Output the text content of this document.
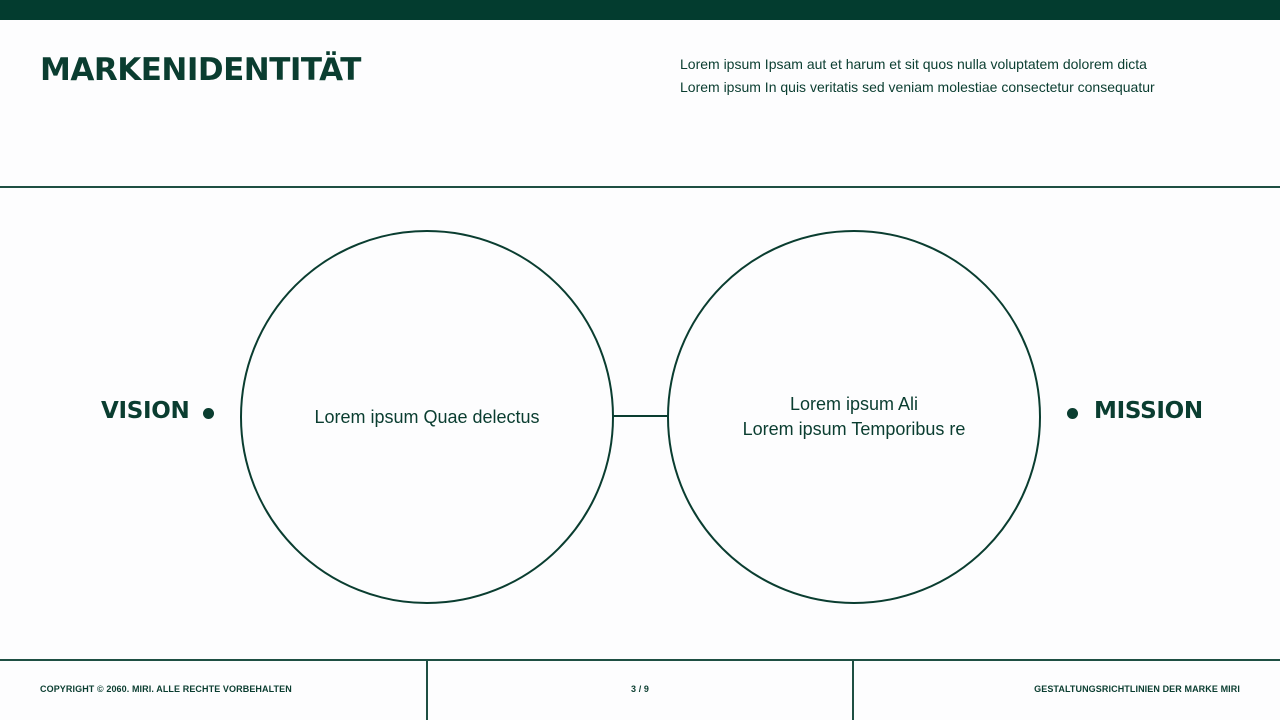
MARKENIDENTITÄT	Lorem ipsum Ipsam aut et harum et sit quos nulla voluptatem dolorem dicta
Lorem ipsum In quis veritatis sed veniam molestiae consectetur consequatur
VISION	Lorem ipsum Quae delectus
Lorem ipsum Ali
Lorem ipsum Temporibus re
MISSION
COPYRIGHT © 2060. MIRI. ALLE RECHTE VORBEHALTEN	3 / 9	GESTALTUNGSRICHTLINIEN DER MARKE MIRI
